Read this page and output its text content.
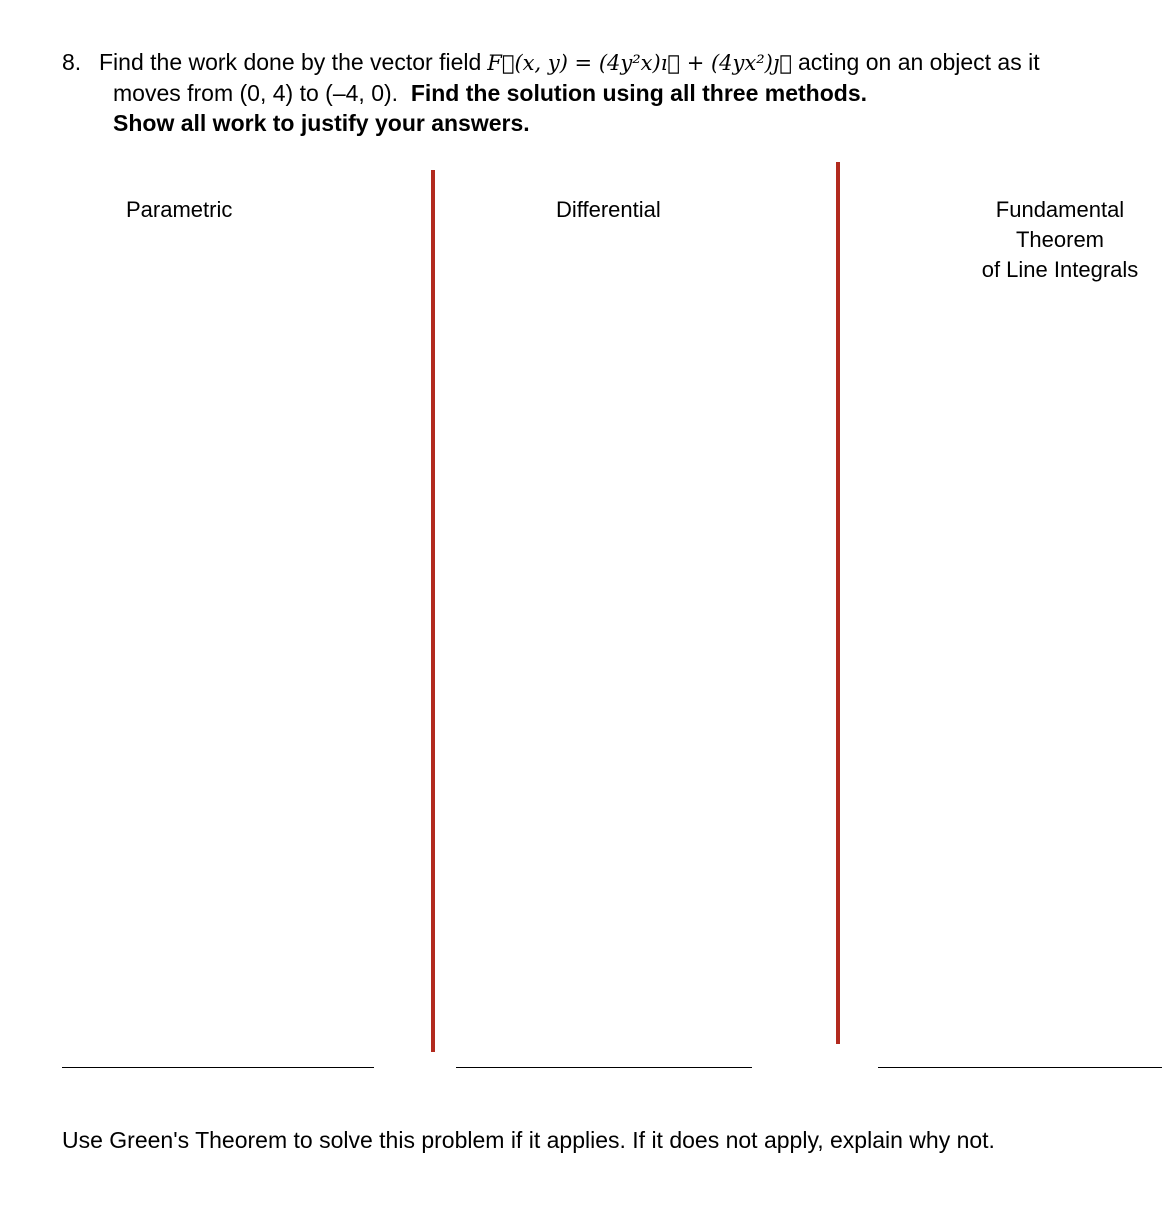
8. Find the work done by the vector field F⃗(x, y) = (4y²x)ı⃗ + (4yx²)ȷ⃗ acting on an object as it
moves from (0, 4) to (–4, 0). Find the solution using all three methods.
Show all work to justify your answers.
Parametric	Differential	Fundamental
Theorem
of Line Integrals
Use Green's Theorem to solve this problem if it applies. If it does not apply, explain why not.
